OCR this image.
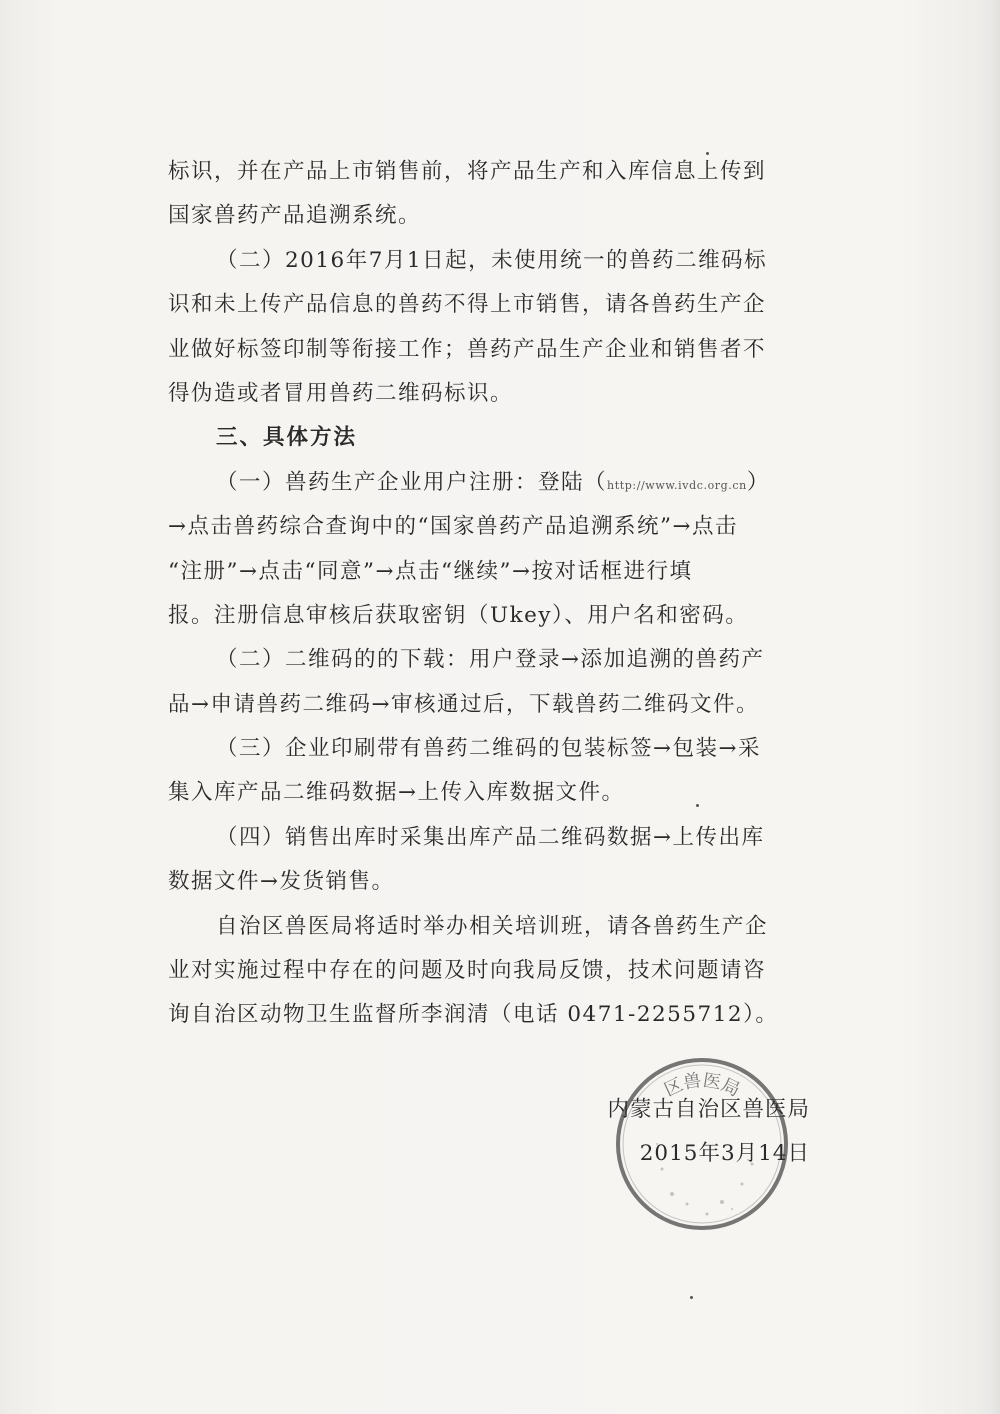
标识，并在产品上市销售前，将产品生产和入库信息上传到
国家兽药产品追溯系统。
（二）2016年7月1日起，未使用统一的兽药二维码标
识和未上传产品信息的兽药不得上市销售，请各兽药生产企
业做好标签印制等衔接工作；兽药产品生产企业和销售者不
得伪造或者冒用兽药二维码标识。
三、具体方法
（一）兽药生产企业用户注册：登陆（http://www.ivdc.org.cn）
→点击兽药综合查询中的“国家兽药产品追溯系统”→点击
“注册”→点击“同意”→点击“继续”→按对话框进行填
报。注册信息审核后获取密钥（Ukey）、用户名和密码。
（二）二维码的的下载：用户登录→添加追溯的兽药产
品→申请兽药二维码→审核通过后，下载兽药二维码文件。
（三）企业印刷带有兽药二维码的包装标签→包装→采
集入库产品二维码数据→上传入库数据文件。
（四）销售出库时采集出库产品二维码数据→上传出库
数据文件→发货销售。
自治区兽医局将适时举办相关培训班，请各兽药生产企
业对实施过程中存在的问题及时向我局反馈，技术问题请咨
询自治区动物卫生监督所李润清（电话 0471-2255712）。
区兽医局
内蒙古自治区兽医局
2015年3月14日
